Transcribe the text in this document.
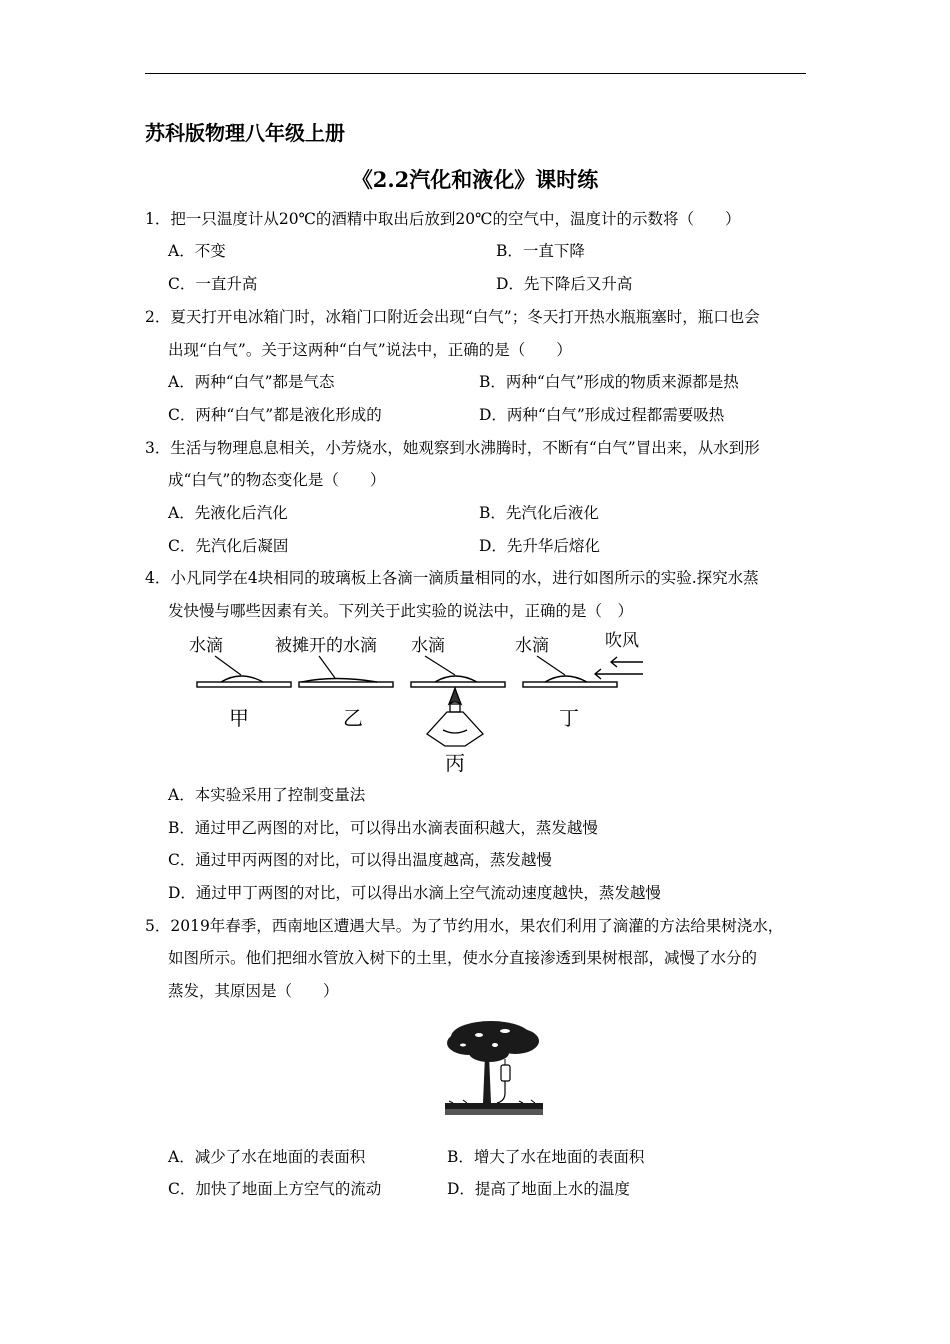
苏科版物理八年级上册
《2.2汽化和液化》课时练
1．把一只温度计从20℃的酒精中取出后放到20℃的空气中，温度计的示数将（　　）
A．不变	B．一直下降
C．一直升高	D．先下降后又升高
2．夏天打开电冰箱门时，冰箱门口附近会出现“白气”；冬天打开热水瓶瓶塞时，瓶口也会
出现“白气”。关于这两种“白气”说法中，正确的是（　　）
A．两种“白气”都是气态	B．两种“白气”形成的物质来源都是热
C．两种“白气”都是液化形成的	D．两种“白气”形成过程都需要吸热
3．生活与物理息息相关，小芳烧水，她观察到水沸腾时，不断有“白气”冒出来，从水到形
成“白气”的物态变化是（　　）
A．先液化后汽化	B．先汽化后液化
C．先汽化后凝固	D．先升华后熔化
4．小凡同学在4块相同的玻璃板上各滴一滴质量相同的水，进行如图所示的实验.探究水蒸
发快慢与哪些因素有关。下列关于此实验的说法中，正确的是（　）
水滴
甲
被摊开的水滴
乙
水滴
丙
水滴	吹风
丁
A．本实验采用了控制变量法
B．通过甲乙两图的对比，可以得出水滴表面积越大，蒸发越慢
C．通过甲丙两图的对比，可以得出温度越高，蒸发越慢
D．通过甲丁两图的对比，可以得出水滴上空气流动速度越快，蒸发越慢
5．2019年春季，西南地区遭遇大旱。为了节约用水，果农们利用了滴灌的方法给果树浇水，
如图所示。他们把细水管放入树下的土里，使水分直接渗透到果树根部，减慢了水分的
蒸发，其原因是（　　）
A．减少了水在地面的表面积	B．增大了水在地面的表面积
C．加快了地面上方空气的流动	D．提高了地面上水的温度
